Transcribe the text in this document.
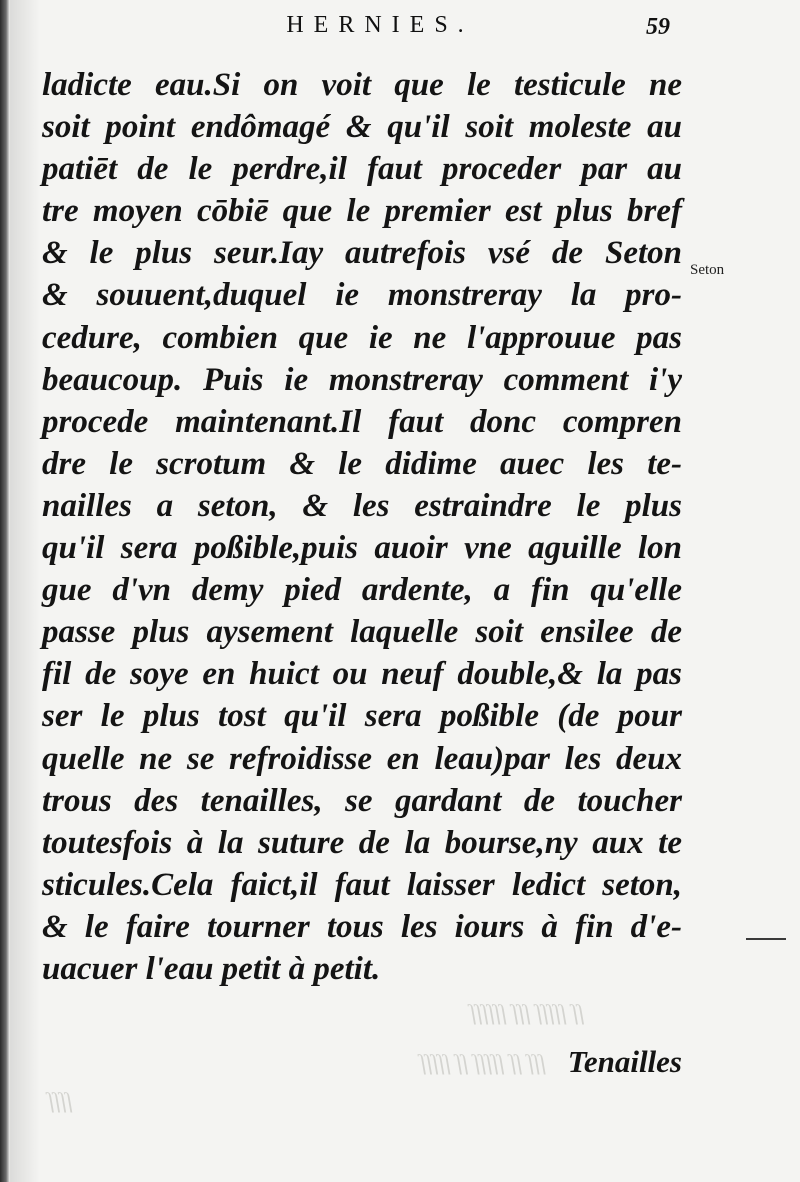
HERNIES.	59
Seton
ſſ ſſſſſ ſſſ ſſſſſſ
ſſſ ſſ ſſſſſ ſſ ſſſſſ
ſſſſ
ladicte eau.Si on voit que le testicule ne
soit point endômagé & qu'il soit moleste au
patiēt de le perdre,il faut proceder par au
tre moyen cōbiē que le premier est plus bref
& le plus seur.Iay autrefois vsé de Seton
& souuent,duquel ie monstreray la pro-
cedure, combien que ie ne l'approuue pas
beaucoup. Puis ie monstreray comment i'y
procede maintenant.Il faut donc compren
dre le scrotum & le didime auec les te-
nailles a seton, & les estraindre le plus
qu'il sera poßible,puis auoir vne aguille lon
gue d'vn demy pied ardente, a fin qu'elle
passe plus aysement laquelle soit ensilee de
fil de soye en huict ou neuf double,& la pas
ser le plus tost qu'il sera poßible (de pour
quelle ne se refroidisse en leau)par les deux
trous des tenailles, se gardant de toucher
toutesfois à la suture de la bourse,ny aux te
sticules.Cela faict,il faut laisser ledict seton,
& le faire tourner tous les iours à fin d'e-
uacuer l'eau petit à petit.
Tenailles
